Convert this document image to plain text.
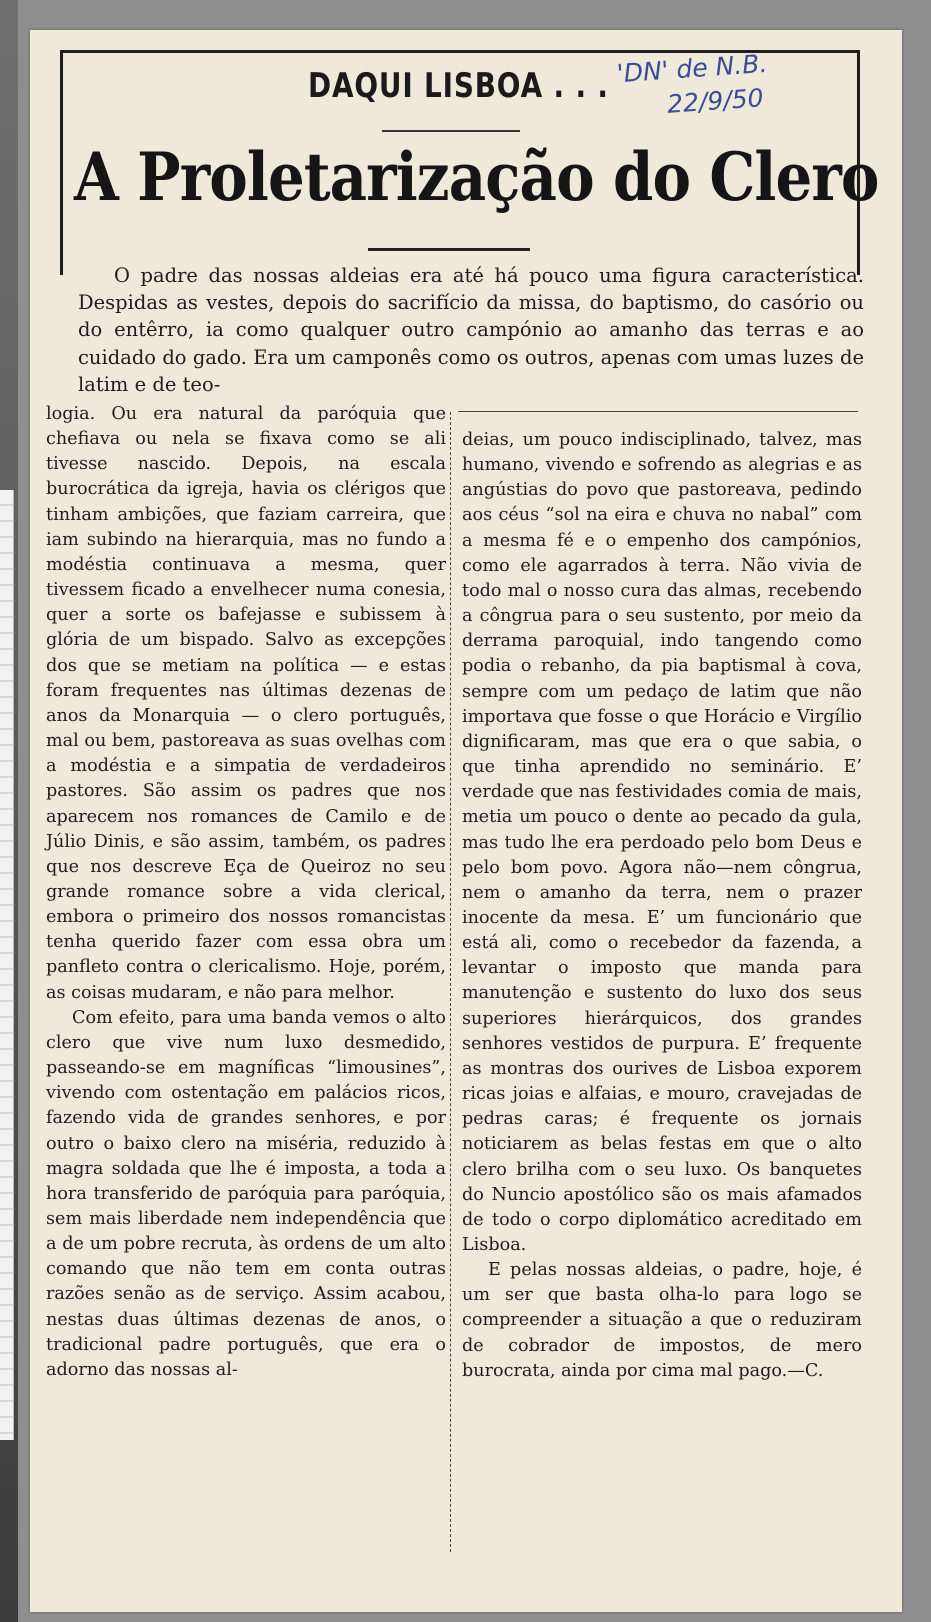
DAQUI LISBOA . . . 'DN' de N.B.
22/9/50
A Proletarização do Clero

O padre das nossas aldeias era até há pouco uma figura característica. Despidas as vestes, depois do sacrifício da missa, do baptismo, do casório ou do entêrro, ia como qualquer outro campónio ao amanho das terras e ao cuidado do gado. Era um camponês como os outros, apenas com umas luzes de latim e de teo-

logia. Ou era natural da paróquia que chefiava ou nela se fixava como se ali tivesse nascido. Depois, na escala burocrática da igreja, havia os clérigos que tinham ambições, que faziam carreira, que iam subindo na hierarquia, mas no fundo a modéstia continuava a mesma, quer tivessem ficado a envelhecer numa conesia, quer a sorte os bafejasse e subissem à glória de um bispado. Salvo as excepções dos que se metiam na política — e estas foram frequentes nas últimas dezenas de anos da Monarquia — o clero português, mal ou bem, pastoreava as suas ovelhas com a modéstia e a simpatia de verdadeiros pastores. São assim os padres que nos aparecem nos romances de Camilo e de Júlio Dinis, e são assim, também, os padres que nos descreve Eça de Queiroz no seu grande romance sobre a vida clerical, embora o primeiro dos nossos romancistas tenha querido fazer com essa obra um panfleto contra o clericalismo. Hoje, porém, as coisas mudaram, e não para melhor.

Com efeito, para uma banda vemos o alto clero que vive num luxo desmedido, passeando-se em magníficas “limousines”, vivendo com ostentação em palácios ricos, fazendo vida de grandes senhores, e por outro o baixo clero na miséria, reduzido à magra soldada que lhe é imposta, a toda a hora transferido de paróquia para paróquia, sem mais liberdade nem independência que a de um pobre recruta, às ordens de um alto comando que não tem em conta outras razões senão as de serviço. Assim acabou, nestas duas últimas dezenas de anos, o tradicional padre português, que era o adorno das nossas al-

deias, um pouco indisciplinado, talvez, mas humano, vivendo e sofrendo as alegrias e as angústias do povo que pastoreava, pedindo aos céus “sol na eira e chuva no nabal” com a mesma fé e o empenho dos campónios, como ele agarrados à terra. Não vivia de todo mal o nosso cura das almas, recebendo a côngrua para o seu sustento, por meio da derrama paroquial, indo tangendo como podia o rebanho, da pia baptismal à cova, sempre com um pedaço de latim que não importava que fosse o que Horácio e Virgílio dignificaram, mas que era o que sabia, o que tinha aprendido no seminário. E’ verdade que nas festividades comia de mais, metia um pouco o dente ao pecado da gula, mas tudo lhe era perdoado pelo bom Deus e pelo bom povo. Agora não—nem côngrua, nem o amanho da terra, nem o prazer inocente da mesa. E’ um funcionário que está ali, como o recebedor da fazenda, a levantar o imposto que manda para manutenção e sustento do luxo dos seus superiores hierárquicos, dos grandes senhores vestidos de purpura. E’ frequente as montras dos ourives de Lisboa exporem ricas joias e alfaias, e mouro, cravejadas de pedras caras; é frequente os jornais noticiarem as belas festas em que o alto clero brilha com o seu luxo. Os banquetes do Nuncio apostólico são os mais afamados de todo o corpo diplomático acreditado em Lisboa.

E pelas nossas aldeias, o padre, hoje, é um ser que basta olha-lo para logo se compreender a situação a que o reduziram de cobrador de impostos, de mero burocrata, ainda por cima mal pago.—C.
